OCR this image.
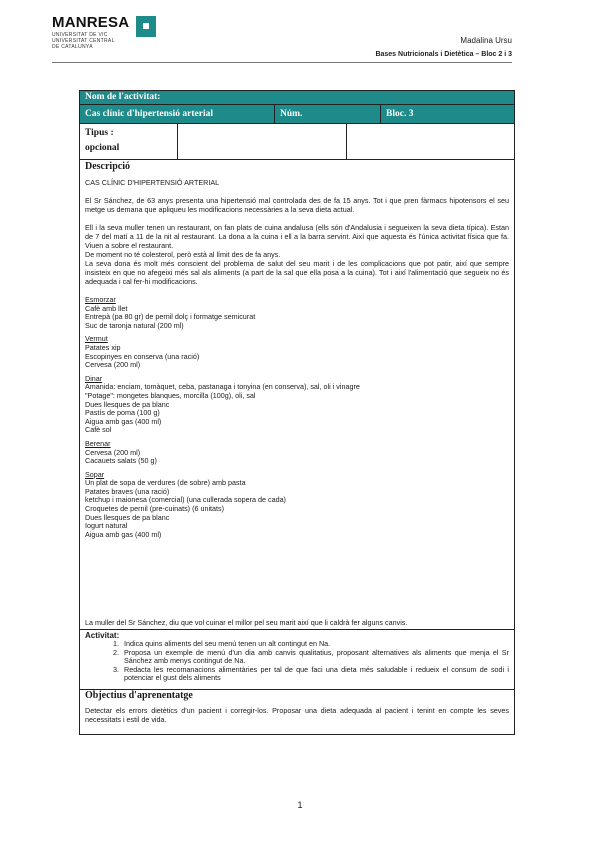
MANRESA
UNIVERSITAT DE VIC
UNIVERSITAT CENTRAL
DE CATALUNYA
Madalina Ursu
Bases Nutricionals i Dietètica – Bloc 2 i 3
Nom de l'activitat:
Cas clínic d'hipertensió arterial	Núm.	Bloc. 3
Tipus :
opcional
Descripció

CAS CLÍNIC D'HIPERTENSIÓ ARTERIAL

El Sr Sánchez, de 63 anys presenta una hipertensió mal controlada des de fa 15 anys. Tot i que pren fàrmacs hipotensors el seu metge us demana que apliqueu les modificacions necessàries a la seva dieta actual.

Ell i la seva muller tenen un restaurant, on fan plats de cuina andalusa (ells són d'Andalusia i segueixen la seva dieta típica). Estan de 7 del matí a 11 de la nit al restaurant. La dona a la cuina i ell a la barra servint. Així que aquesta és l'única activitat física que fa. Viuen a sobre el restaurant.

De moment no té colesterol, però està al límit des de fa anys.

La seva dona és molt més conscient del problema de salut del seu marit i de les complicacions que pot patir, així que sempre insisteix en que no afegeixi més sal als aliments (a part de la sal que ella posa a la cuina). Tot i així l'alimentació que segueix no és adequada i cal fer-hi modificacions.

Esmorzar
Cafè amb llet
Entrepà (pa 80 gr) de pernil dolç i formatge semicurat
Suc de taronja natural (200 ml)
Vermut
Patates xip
Escopinyes en conserva (una ració)
Cervesa (200 ml)
Dinar
Amanida: enciam, tomàquet, ceba, pastanaga i tonyina (en conserva), sal, oli i vinagre
"Potage": mongetes blanques, morcilla (100g), oli, sal
Dues llesques de pa blanc
Pastís de poma (100 g)
Aigua amb gas (400 ml)
Cafè sol
Berenar
Cervesa (200 ml)
Cacauets salats (50 g)
Sopar
Un plat de sopa de verdures (de sobre) amb pasta
Patates braves (una ració)
ketchup i maionesa (comercial) (una cullerada sopera de cada)
Croquetes de pernil (pre-cuinats) (6 unitats)
Dues llesques de pa blanc
Iogurt natural
Aigua amb gas (400 ml)
La muller del Sr Sánchez, diu que vol cuinar el millor pel seu marit així que li caldrà fer alguns canvis.
Activitat:
1. Indica quins aliments del seu menú tenen un alt contingut en Na.
2. Proposa un exemple de menú d'un dia amb canvis qualitatius, proposant alternatives als aliments que menja el Sr Sánchez amb menys contingut de Na.
3. Redacta les recomanacions alimentàries per tal de que faci una dieta més saludable i redueix el consum de sodi i potenciar el gust dels aliments
Objectius d'aprenentatge
Detectar els errors dietètics d'un pacient i corregir-los. Proposar una dieta adequada al pacient i tenint en compte les seves necessitats i estil de vida.
1
